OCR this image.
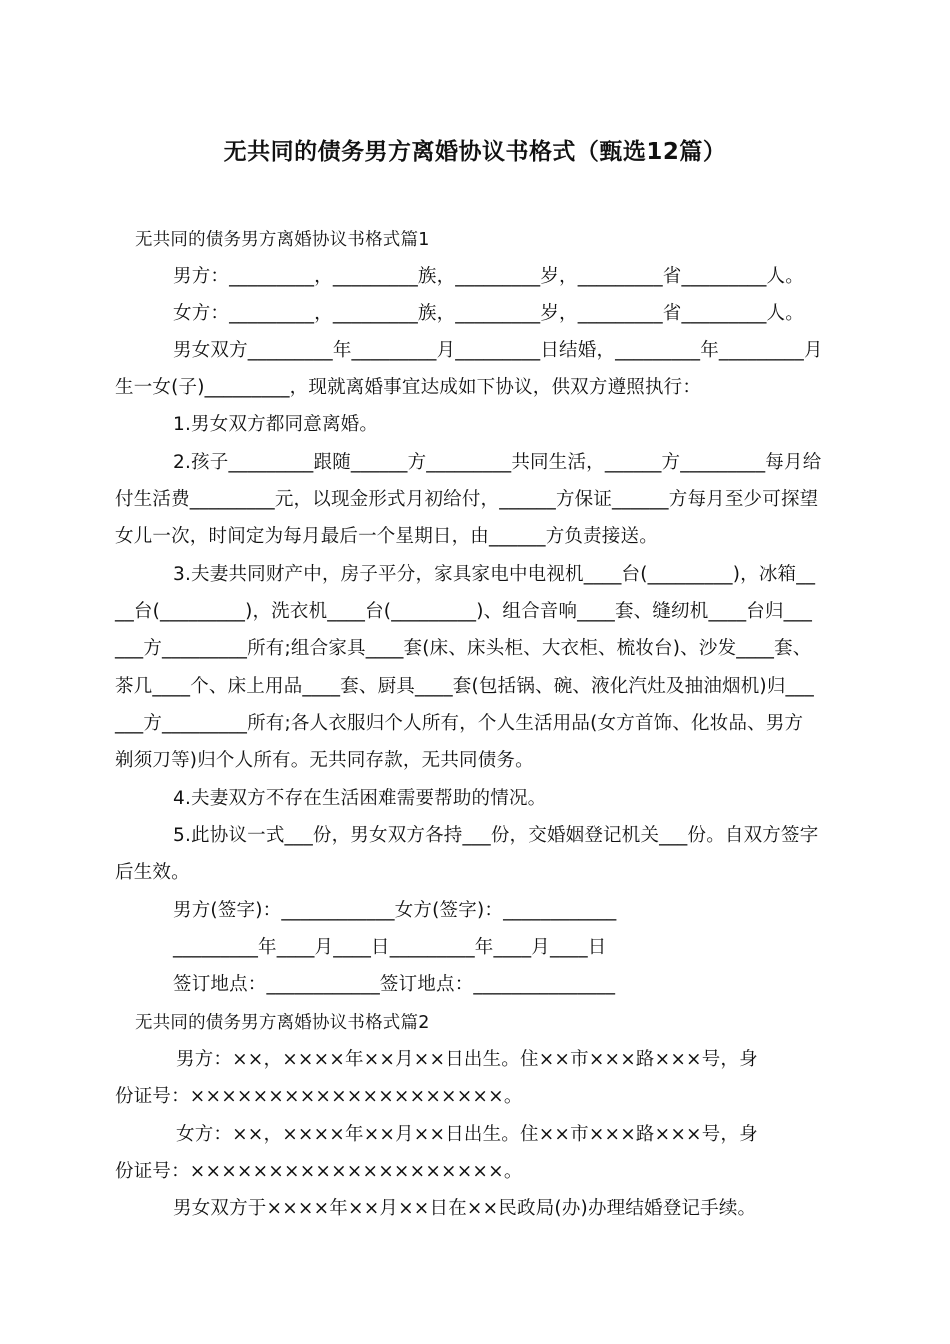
无共同的债务男方离婚协议书格式（甄选12篇）
无共同的债务男方离婚协议书格式篇1
男方：_________，_________族，_________岁，_________省_________人。
女方：_________，_________族，_________岁，_________省_________人。
男女双方_________年_________月_________日结婚，_________年_________月
生一女(子)_________，现就离婚事宜达成如下协议，供双方遵照执行：
1.男女双方都同意离婚。
2.孩子_________跟随______方_________共同生活，______方_________每月给
付生活费_________元，以现金形式月初给付，______方保证______方每月至少可探望
女儿一次，时间定为每月最后一个星期日，由______方负责接送。
3.夫妻共同财产中，房子平分，家具家电中电视机____台(_________)，冰箱__
__台(_________)，洗衣机____台(_________)、组合音响____套、缝纫机____台归___
___方_________所有;组合家具____套(床、床头柜、大衣柜、梳妆台)、沙发____套、
茶几____个、床上用品____套、厨具____套(包括锅、碗、液化汽灶及抽油烟机)归___
___方_________所有;各人衣服归个人所有，个人生活用品(女方首饰、化妆品、男方
剃须刀等)归个人所有。无共同存款，无共同债务。
4.夫妻双方不存在生活困难需要帮助的情况。
5.此协议一式___份，男女双方各持___份，交婚姻登记机关___份。自双方签字
后生效。
男方(签字)：____________女方(签字)：____________
_________年____月____日_________年____月____日
签订地点：____________签订地点：_______________
无共同的债务男方离婚协议书格式篇2
男方：××，××××年××月××日出生。住××市×××路×××号，身
份证号：××××××××××××××××××××。
女方：××，××××年××月××日出生。住××市×××路×××号，身
份证号：××××××××××××××××××××。
男女双方于××××年××月××日在××民政局(办)办理结婚登记手续。
